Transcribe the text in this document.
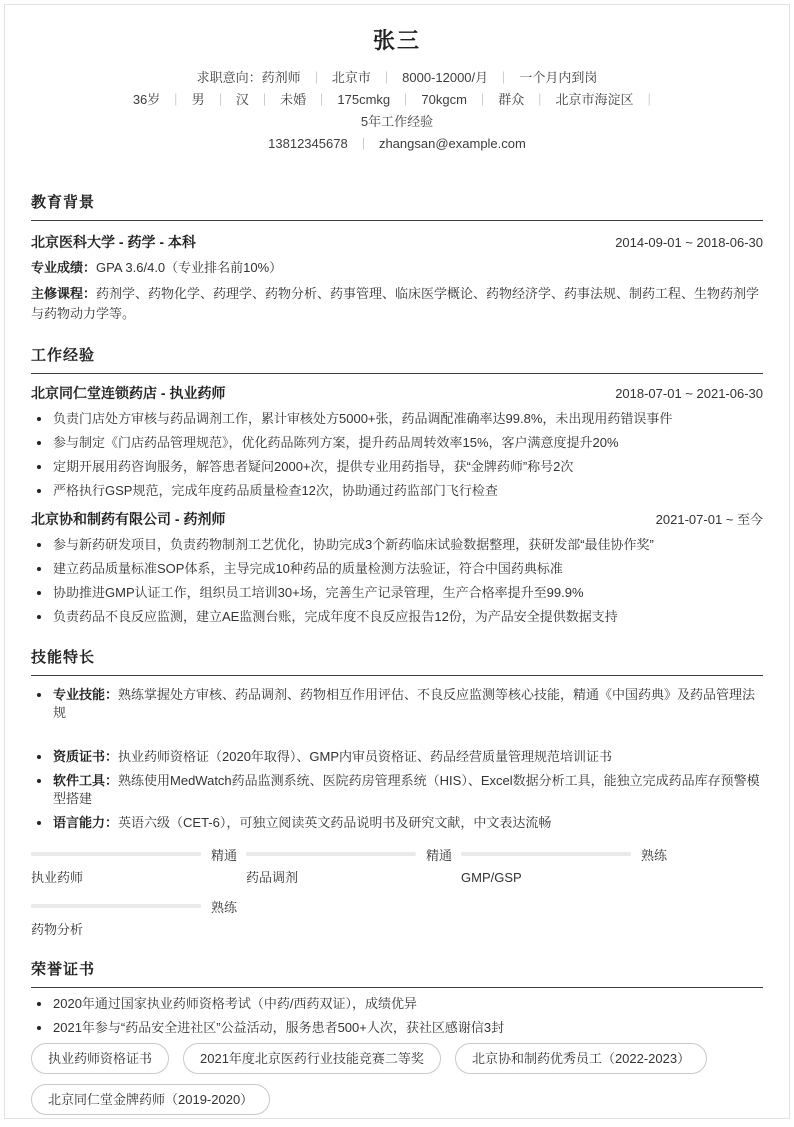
张三
求职意向：药剂师 ｜ 北京市 ｜ 8000-12000/月 ｜ 一个月内到岗
36岁 ｜ 男 ｜ 汉 ｜ 未婚 ｜ 175cmkg ｜ 70kgcm ｜ 群众 ｜ 北京市海淀区 ｜
5年工作经验
13812345678 ｜ zhangsan@example.com
教育背景
北京医科大学 - 药学 - 本科	2014-09-01 ~ 2018-06-30
专业成绩：GPA 3.6/4.0（专业排名前10%）
主修课程：药剂学、药物化学、药理学、药物分析、药事管理、临床医学概论、药物经济学、药事法规、制药工程、生物药剂学与药物动力学等。
工作经验
北京同仁堂连锁药店 - 执业药师	2018-07-01 ~ 2021-06-30
负责门店处方审核与药品调剂工作，累计审核处方5000+张，药品调配准确率达99.8%，未出现用药错误事件
参与制定《门店药品管理规范》，优化药品陈列方案，提升药品周转效率15%，客户满意度提升20%
定期开展用药咨询服务，解答患者疑问2000+次，提供专业用药指导，获“金牌药师”称号2次
严格执行GSP规范，完成年度药品质量检查12次，协助通过药监部门飞行检查
北京协和制药有限公司 - 药剂师	2021-07-01 ~ 至今
参与新药研发项目，负责药物制剂工艺优化，协助完成3个新药临床试验数据整理，获研发部“最佳协作奖”
建立药品质量标准SOP体系，主导完成10种药品的质量检测方法验证，符合中国药典标准
协助推进GMP认证工作，组织员工培训30+场，完善生产记录管理，生产合格率提升至99.9%
负责药品不良反应监测，建立AE监测台账，完成年度不良反应报告12份，为产品安全提供数据支持
技能特长
专业技能：熟练掌握处方审核、药品调剂、药物相互作用评估、不良反应监测等核心技能，精通《中国药典》及药品管理法规
资质证书：执业药师资格证（2020年取得）、GMP内审员资格证、药品经营质量管理规范培训证书
软件工具：熟练使用MedWatch药品监测系统、医院药房管理系统（HIS）、Excel数据分析工具，能独立完成药品库存预警模型搭建
语言能力：英语六级（CET-6），可独立阅读英文药品说明书及研究文献，中文表达流畅
精通
执业药师
精通
药品调剂
熟练
GMP/GSP
熟练
药物分析
荣誉证书
2020年通过国家执业药师资格考试（中药/西药双证），成绩优异
2021年参与“药品安全进社区”公益活动，服务患者500+人次，获社区感谢信3封
执业药师资格证书	2021年度北京医药行业技能竞赛二等奖	北京协和制药优秀员工（2022-2023）
北京同仁堂金牌药师（2019-2020）
